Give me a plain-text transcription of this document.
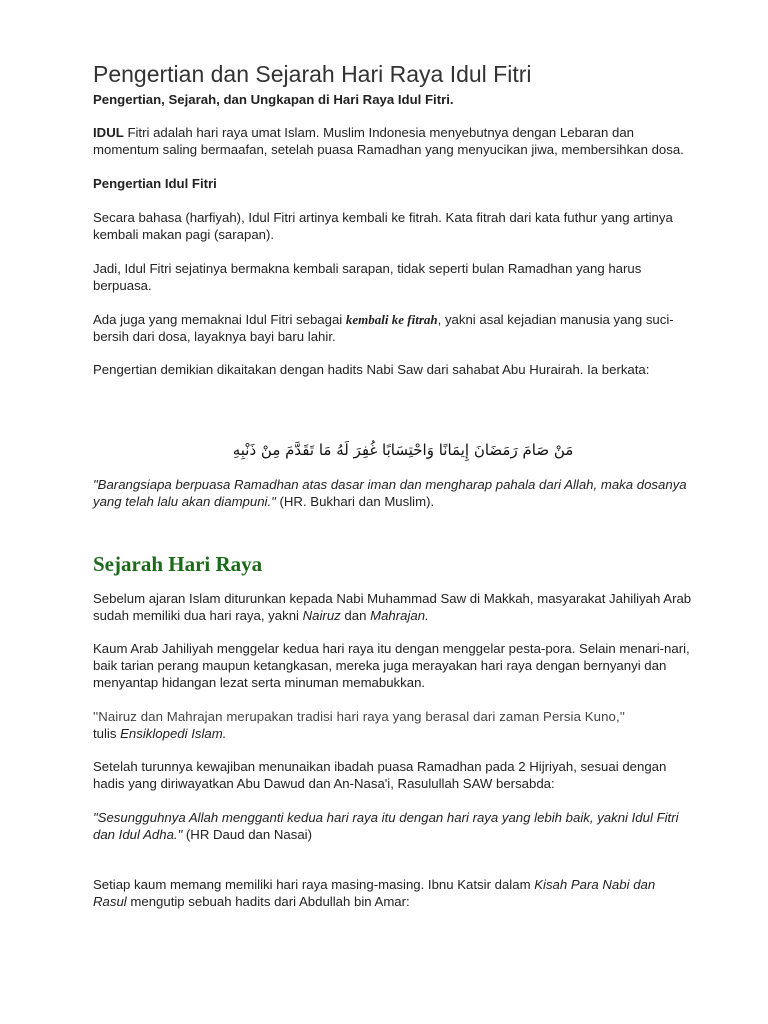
Pengertian dan Sejarah Hari Raya Idul Fitri

Pengertian, Sejarah, dan Ungkapan di Hari Raya Idul Fitri.

IDUL Fitri adalah hari raya umat Islam. Muslim Indonesia menyebutnya dengan Lebaran dan
momentum saling bermaafan, setelah puasa Ramadhan yang menyucikan jiwa, membersihkan dosa.

Pengertian Idul Fitri

Secara bahasa (harfiyah), Idul Fitri artinya kembali ke fitrah. Kata fitrah dari kata futhur yang artinya
kembali makan pagi (sarapan).

Jadi, Idul Fitri sejatinya bermakna kembali sarapan, tidak seperti bulan Ramadhan yang harus
berpuasa.

Ada juga yang memaknai Idul Fitri sebagai kembali ke fitrah, yakni asal kejadian manusia yang suci-
bersih dari dosa, layaknya bayi baru lahir.

Pengertian demikian dikaitakan dengan hadits Nabi Saw dari sahabat Abu Hurairah. Ia berkata:

مَنْ صَامَ رَمَضَانَ إِيمَانًا وَاحْتِسَابًا غُفِرَ لَهُ مَا تَقَدَّمَ مِنْ ذَنْبِهِ

"Barangsiapa berpuasa Ramadhan atas dasar iman dan mengharap pahala dari Allah, maka dosanya
yang telah lalu akan diampuni." (HR. Bukhari dan Muslim).

Sejarah Hari Raya

Sebelum ajaran Islam diturunkan kepada Nabi Muhammad Saw di Makkah, masyarakat Jahiliyah Arab
sudah memiliki dua hari raya, yakni Nairuz dan Mahrajan.

Kaum Arab Jahiliyah menggelar kedua hari raya itu dengan menggelar pesta-pora. Selain menari-nari,
baik tarian perang maupun ketangkasan, mereka juga merayakan hari raya dengan bernyanyi dan
menyantap hidangan lezat serta minuman memabukkan.

''Nairuz dan Mahrajan merupakan tradisi hari raya yang berasal dari zaman Persia Kuno,''
tulis Ensiklopedi Islam.

Setelah turunnya kewajiban menunaikan ibadah puasa Ramadhan pada 2 Hijriyah, sesuai dengan
hadis yang diriwayatkan Abu Dawud dan An-Nasa'i, Rasulullah SAW bersabda:

"Sesungguhnya Allah mengganti kedua hari raya itu dengan hari raya yang lebih baik, yakni Idul Fitri
dan Idul Adha." (HR Daud dan Nasai)

Setiap kaum memang memiliki hari raya masing-masing. Ibnu Katsir dalam Kisah Para Nabi dan
Rasul mengutip sebuah hadits dari Abdullah bin Amar:
